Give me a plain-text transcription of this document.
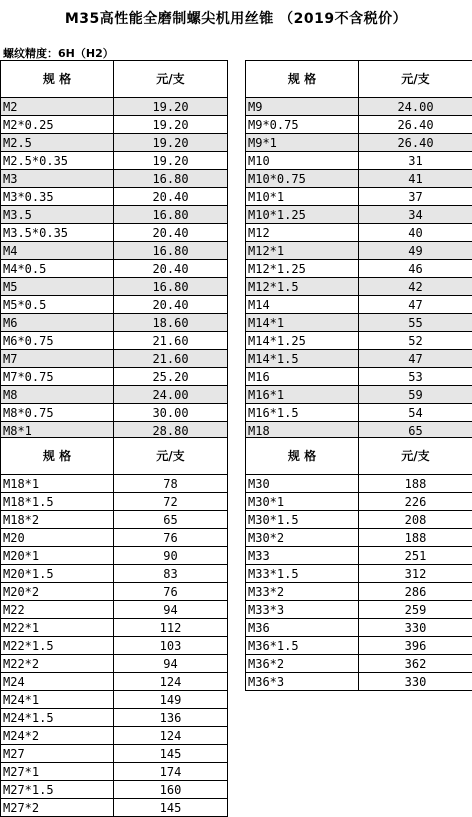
M35高性能全磨制螺尖机用丝锥 （2019不含税价）
螺纹精度：6H（H2）
规 格	元/支
M2	19.20
M2*0.25	19.20
M2.5	19.20
M2.5*0.35	19.20
M3	16.80
M3*0.35	20.40
M3.5	16.80
M3.5*0.35	20.40
M4	16.80
M4*0.5	20.40
M5	16.80
M5*0.5	20.40
M6	18.60
M6*0.75	21.60
M7	21.60
M7*0.75	25.20
M8	24.00
M8*0.75	30.00
M8*1	28.80
规 格	元/支
M9	24.00
M9*0.75	26.40
M9*1	26.40
M10	31
M10*0.75	41
M10*1	37
M10*1.25	34
M12	40
M12*1	49
M12*1.25	46
M12*1.5	42
M14	47
M14*1	55
M14*1.25	52
M14*1.5	47
M16	53
M16*1	59
M16*1.5	54
M18	65
规 格	元/支
M18*1	78
M18*1.5	72
M18*2	65
M20	76
M20*1	90
M20*1.5	83
M20*2	76
M22	94
M22*1	112
M22*1.5	103
M22*2	94
M24	124
M24*1	149
M24*1.5	136
M24*2	124
M27	145
M27*1	174
M27*1.5	160
M27*2	145
规 格	元/支
M30	188
M30*1	226
M30*1.5	208
M30*2	188
M33	251
M33*1.5	312
M33*2	286
M33*3	259
M36	330
M36*1.5	396
M36*2	362
M36*3	330
